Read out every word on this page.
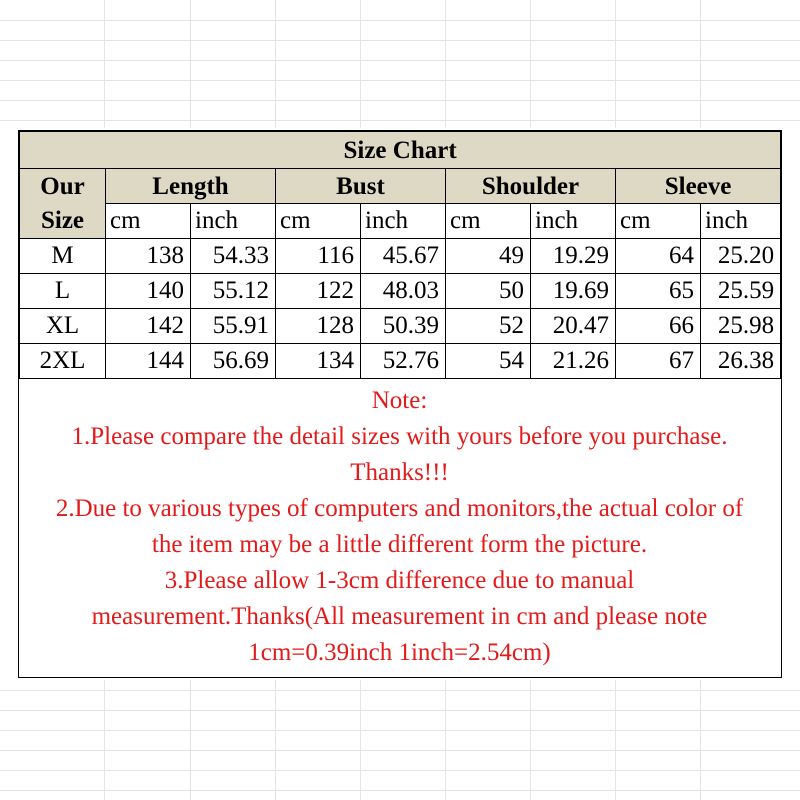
Size Chart								
Our	Length		Bust		Shoulder		Sleeve	
Size	cm	inch	cm	inch	cm	inch	cm	inch
M	138	54.33	116	45.67	49	19.29	64	25.20
L	140	55.12	122	48.03	50	19.69	65	25.59
XL	142	55.91	128	50.39	52	20.47	66	25.98
2XL	144	56.69	134	52.76	54	21.26	67	26.38
Note:
1.Please compare the detail sizes with yours before you purchase.
Thanks!!!
2.Due to various types of computers and monitors,the actual color of
the item may be a little different form the picture.
3.Please allow 1-3cm difference due to manual
measurement.Thanks(All measurement in cm and please note
1cm=0.39inch 1inch=2.54cm)
